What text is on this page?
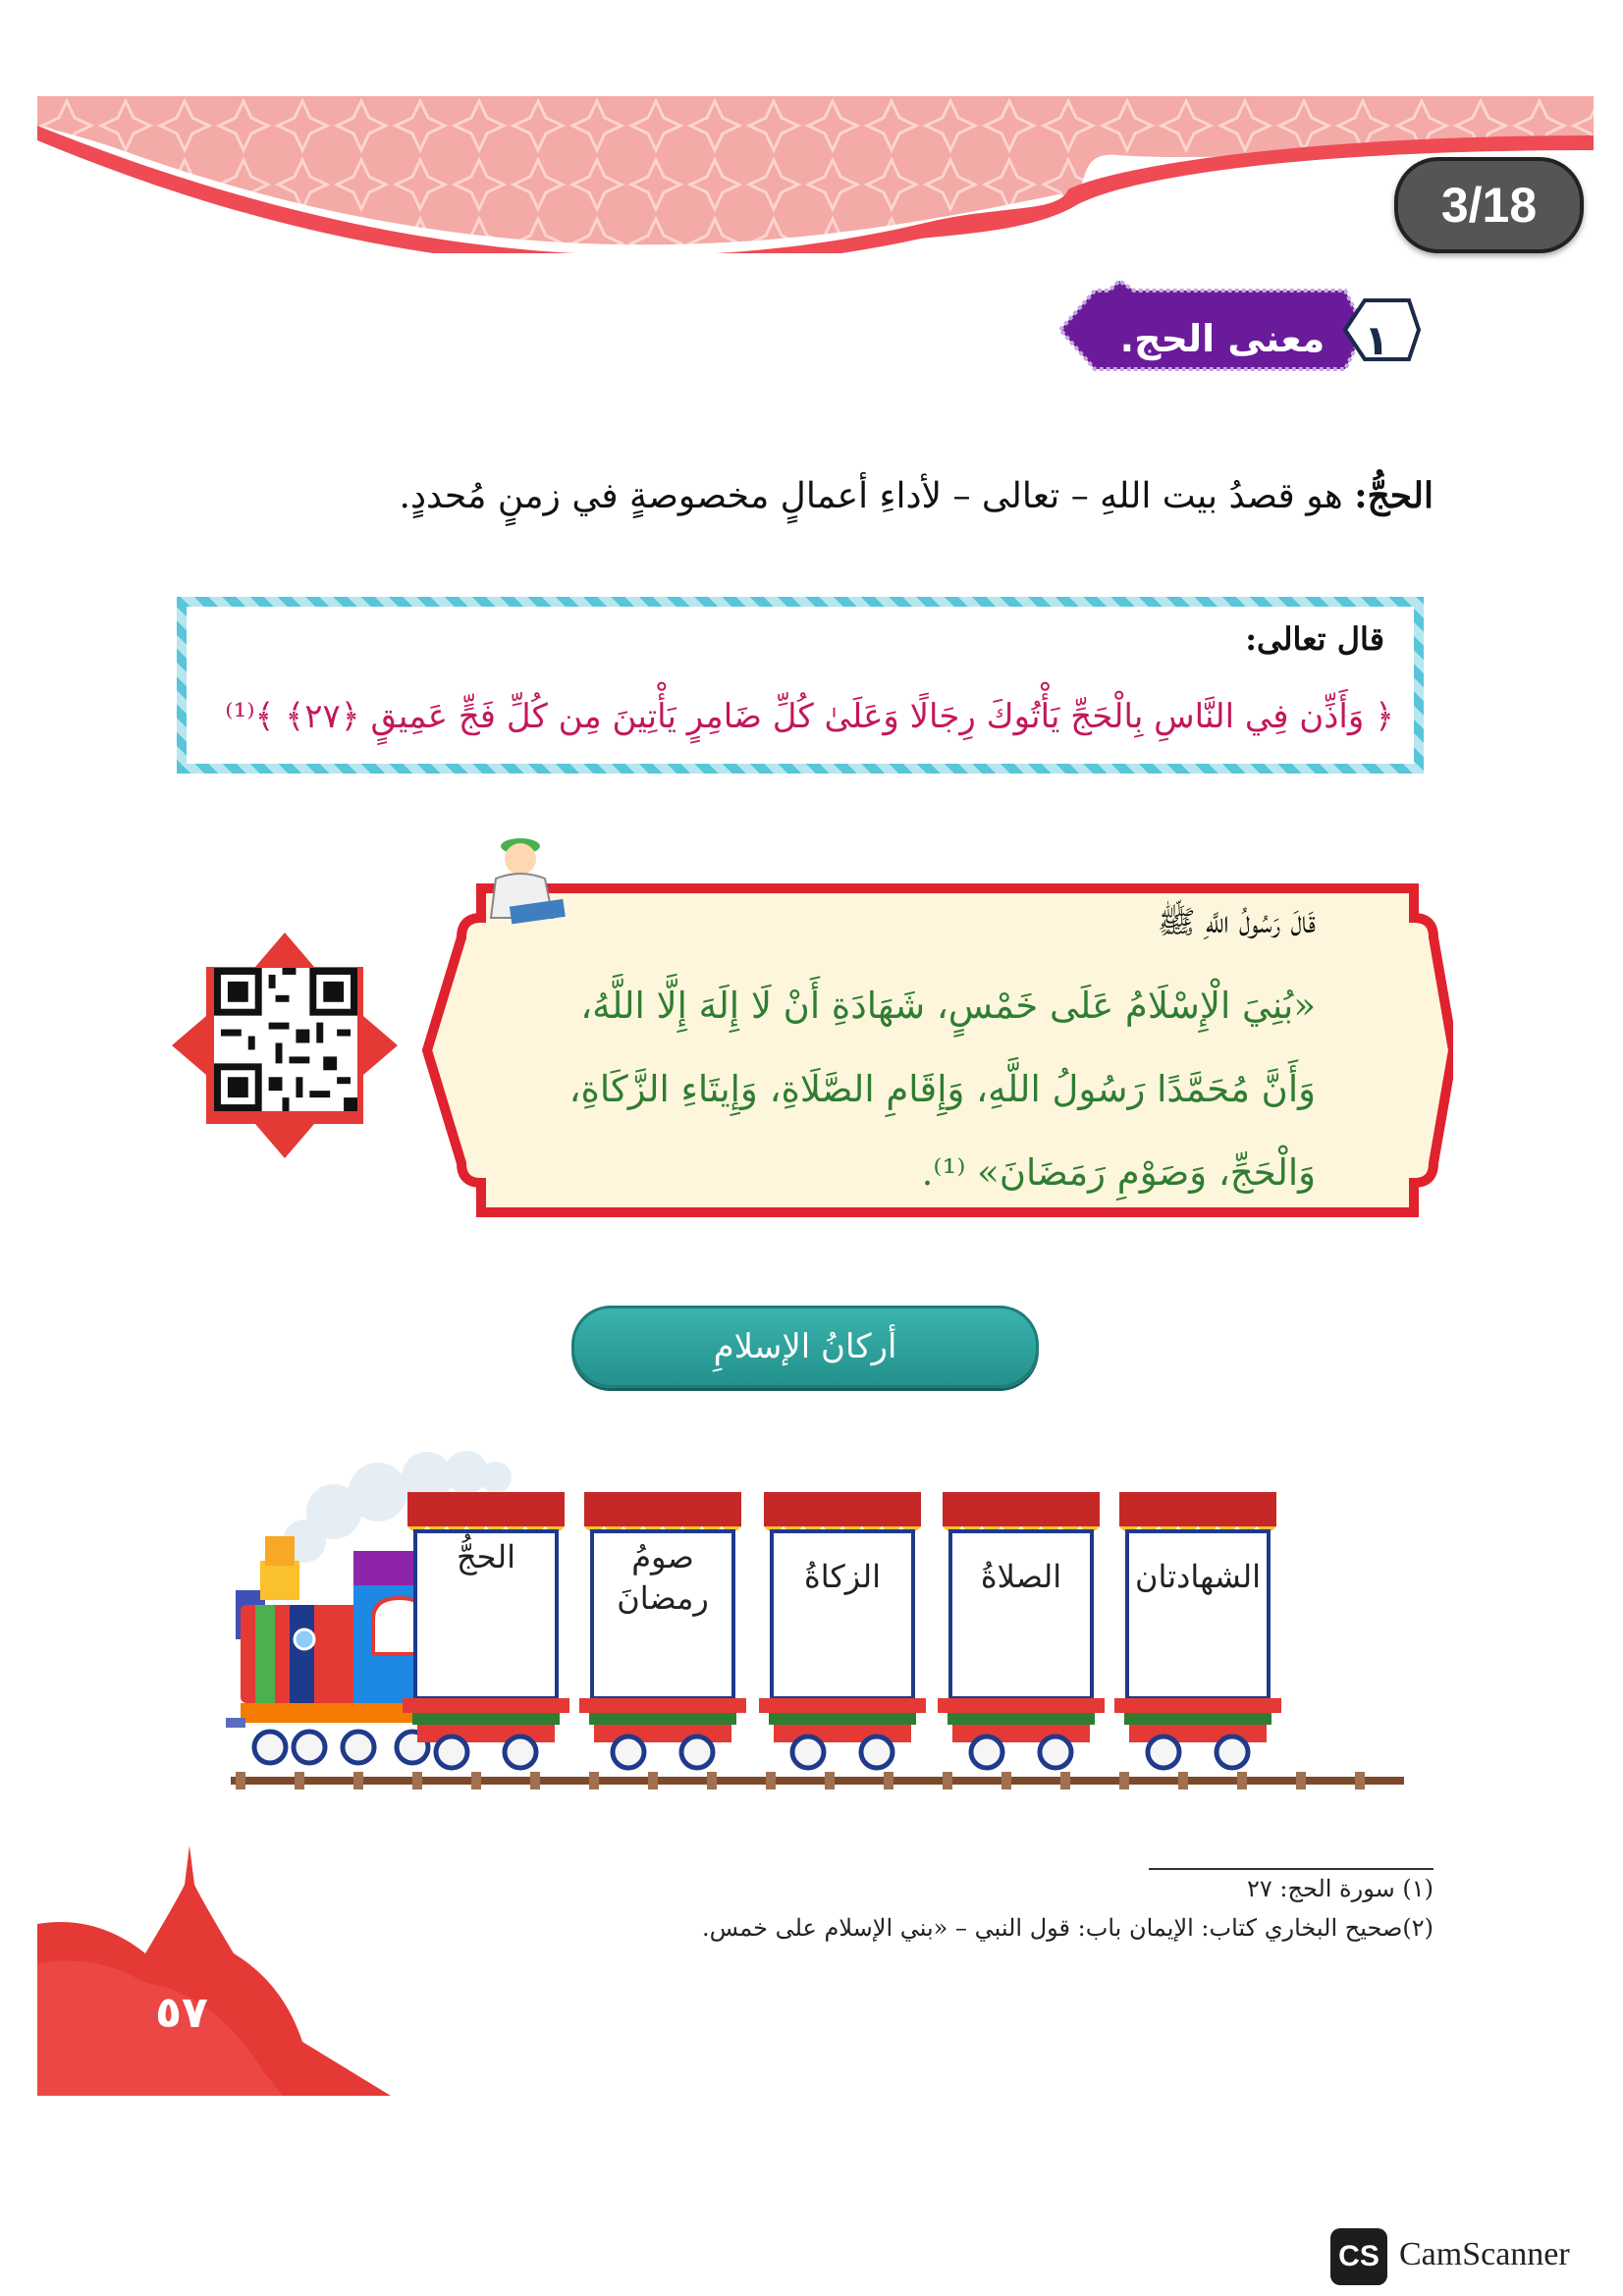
3/18
معنى الحج. ١
الحجُّ: هو قصدُ بيت اللهِ – تعالى – لأداءِ أعمالٍ مخصوصةٍ في زمنٍ مُحددٍ.
قال تعالى:
﴿ وَأَذِّن فِي النَّاسِ بِالْحَجِّ يَأْتُوكَ رِجَالًا وَعَلَىٰ كُلِّ ضَامِرٍ يَأْتِينَ مِن كُلِّ فَجٍّ عَمِيقٍ ﴿٢٧﴾ ﴾⁽¹⁾
قَالَ رَسُولُ اللَّهِ ﷺ
«بُنِيَ الْإِسْلَامُ عَلَى خَمْسٍ، شَهَادَةِ أَنْ لَا إِلَهَ إِلَّا اللَّهُ،
وَأَنَّ مُحَمَّدًا رَسُولُ اللَّهِ، وَإِقَامِ الصَّلَاةِ، وَإِيتَاءِ الزَّكَاةِ،
وَالْحَجِّ، وَصَوْمِ رَمَضَانَ» ⁽¹⁾.
أركانُ الإسلامِ
الشهادتان
الصلاةُ
الزكاةُ
صومُ
رمضانَ
الحجُّ
(١) سورة الحج: ٢٧
(٢)صحيح البخاري كتاب: الإيمان باب: قول النبي – «بني الإسلام على خمس.
٥٧
CS CamScanner
